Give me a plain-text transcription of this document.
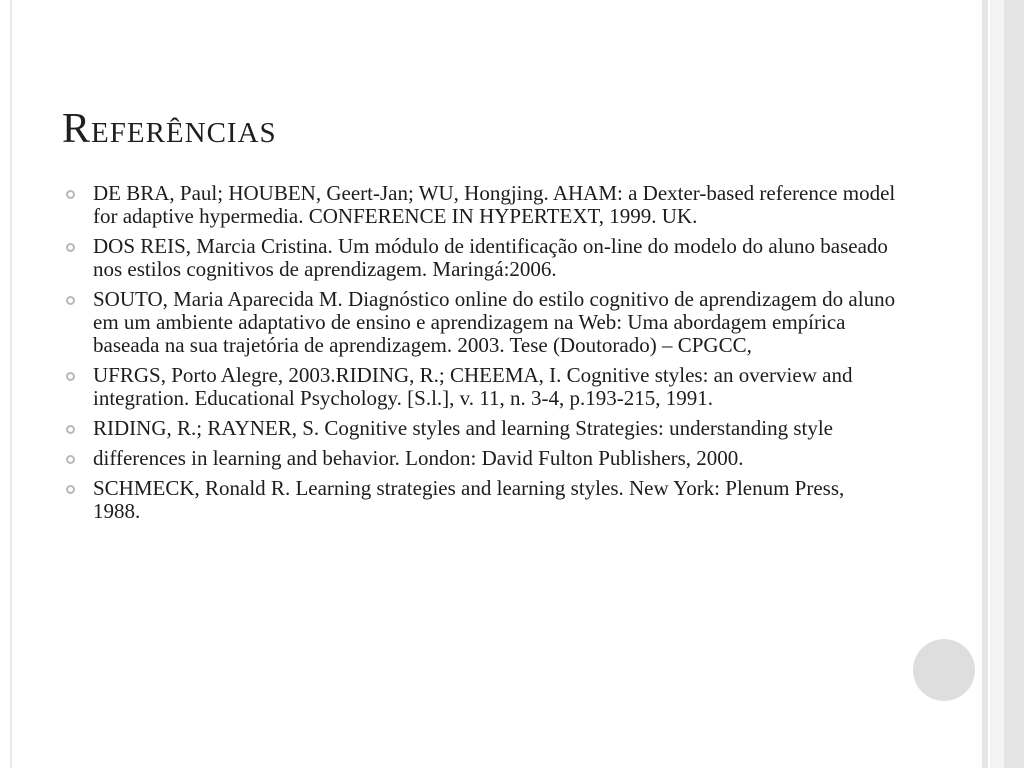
Referências
DE BRA, Paul; HOUBEN, Geert-Jan; WU, Hongjing. AHAM: a Dexter-based reference model for adaptive hypermedia. CONFERENCE IN HYPERTEXT, 1999. UK.
DOS REIS, Marcia Cristina. Um módulo de identificação on-line do modelo do aluno baseado nos estilos cognitivos de aprendizagem. Maringá:2006.
SOUTO, Maria Aparecida M. Diagnóstico online do estilo cognitivo de aprendizagem do aluno em um ambiente adaptativo de ensino e aprendizagem na Web: Uma abordagem empírica baseada na sua trajetória de aprendizagem. 2003. Tese (Doutorado) – CPGCC,
UFRGS, Porto Alegre, 2003.RIDING, R.; CHEEMA, I. Cognitive styles: an overview and integration. Educational Psychology. [S.l.], v. 11, n. 3-4, p.193-215, 1991.
RIDING, R.; RAYNER, S. Cognitive styles and learning Strategies: understanding style
differences in learning and behavior. London: David Fulton Publishers, 2000.
SCHMECK, Ronald R. Learning strategies and learning styles. New York: Plenum Press, 1988.
